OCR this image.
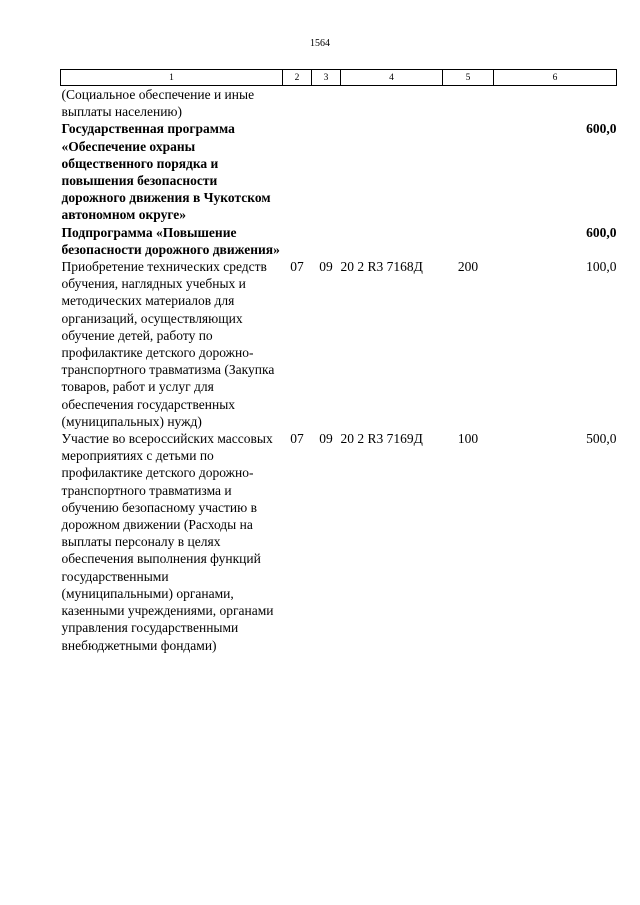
1564
1	2	3	4	5	6
(Социальное обеспечение и иные выплаты населению)					
Государственная программа «Обеспечение охраны общественного порядка и повышения безопасности дорожного движения в Чукотском автономном округе»					600,0
Подпрограмма «Повышение безопасности дорожного движения»					600,0
Приобретение технических средств обучения, наглядных учебных и методических материалов для организаций, осуществляющих обучение детей, работу по профилактике детского дорожно-транспортного травматизма (Закупка товаров, работ и услуг для обеспечения государственных (муниципальных) нужд)	07	09	20 2 R3 7168Д	200	100,0
Участие во всероссийских массовых мероприятиях с детьми по профилактике детского дорожно-транспортного травматизма и обучению безопасному участию в дорожном движении (Расходы на выплаты персоналу в целях обеспечения выполнения функций государственными (муниципальными) органами, казенными учреждениями, органами управления государственными внебюджетными фондами)	07	09	20 2 R3 7169Д	100	500,0
